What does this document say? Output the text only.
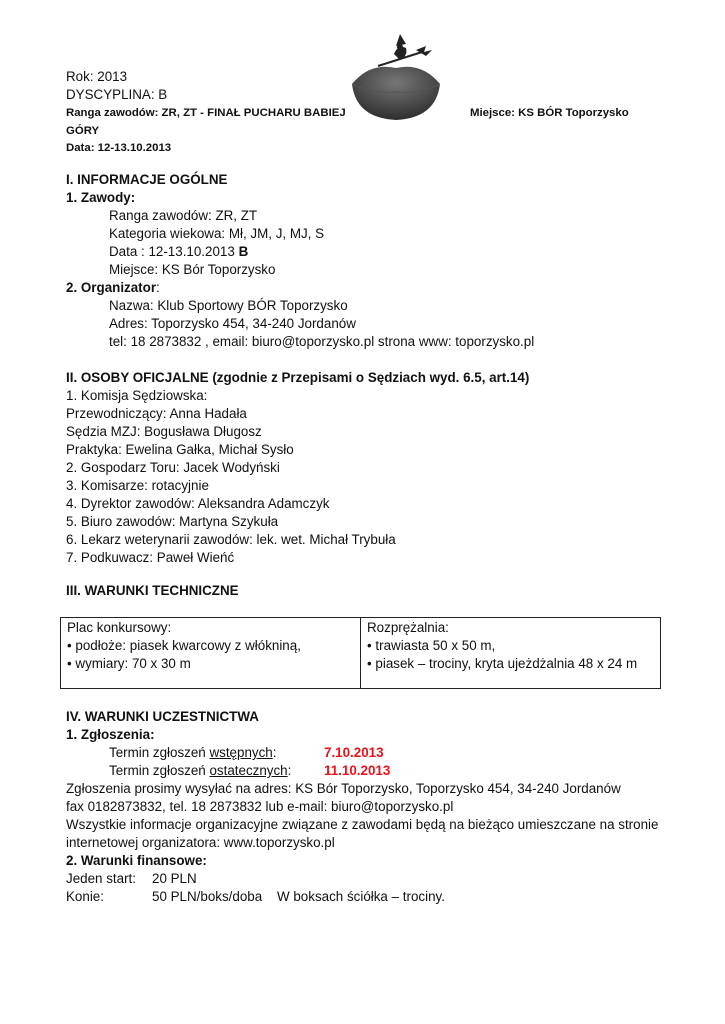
Rok: 2013
DYSCYPLINA: B
Ranga zawodów: ZR, ZT - FINAŁ PUCHARU BABIEJ	Miejsce: KS BÓR Toporzysko
GÓRY
Data: 12-13.10.2013
I. INFORMACJE OGÓLNE
1. Zawody:
Ranga zawodów: ZR, ZT
Kategoria wiekowa: Mł, JM, J, MJ, S
Data : 12-13.10.2013 B
Miejsce: KS Bór Toporzysko
2. Organizator:
Nazwa: Klub Sportowy BÓR Toporzysko
Adres: Toporzysko 454, 34-240 Jordanów
tel: 18 2873832 , email: biuro@toporzysko.pl strona www: toporzysko.pl
II. OSOBY OFICJALNE (zgodnie z Przepisami o Sędziach wyd. 6.5, art.14)
1. Komisja Sędziowska:
Przewodniczący: Anna Hadała
Sędzia MZJ: Bogusława Długosz
Praktyka: Ewelina Gałka, Michał Sysło
2. Gospodarz Toru: Jacek Wodyński
3. Komisarze: rotacyjnie
4. Dyrektor zawodów: Aleksandra Adamczyk
5. Biuro zawodów: Martyna Szykuła
6. Lekarz weterynarii zawodów: lek. wet. Michał Trybuła
7. Podkuwacz: Paweł Wieńć
III. WARUNKI TECHNICZNE
Plac konkursowy:
• podłoże: piasek kwarcowy z włókniną,
• wymiary: 70 x 30 m
Rozprężalnia:
• trawiasta 50 x 50 m,
• piasek – trociny, kryta ujeżdżalnia 48 x 24 m
IV. WARUNKI UCZESTNICTWA
1. Zgłoszenia:
Termin zgłoszeń wstępnych:	7.10.2013
Termin zgłoszeń ostatecznych: 11.10.2013
Zgłoszenia prosimy wysyłać na adres: KS Bór Toporzysko, Toporzysko 454, 34-240 Jordanów
fax 0182873832, tel. 18 2873832 lub e-mail: biuro@toporzysko.pl
Wszystkie informacje organizacyjne związane z zawodami będą na bieżąco umieszczane na stronie
internetowej organizatora: www.toporzysko.pl
2. Warunki finansowe:
Jeden start: 20 PLN
Konie:	50 PLN/boks/doba W boksach ściółka – trociny.
